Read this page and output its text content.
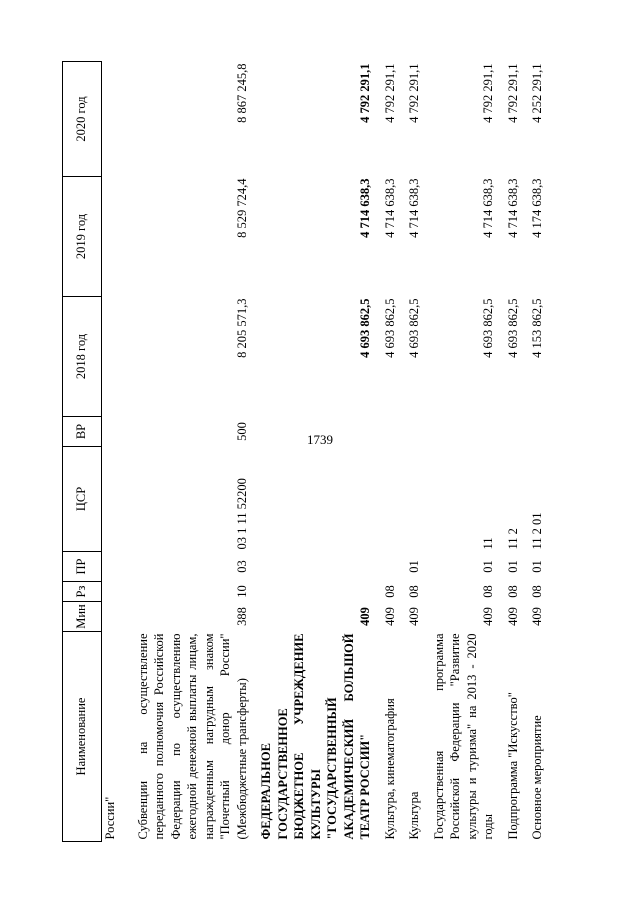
1739
Наименование	Мин	Рз	ПР	ЦСР	ВР	2018 год	2019 год	2020 год
России"								
Субвенции на осуществление переданного полномочия Российской Федерации по осуществлению ежегодной денежной выплаты лицам, награжденным нагрудным знаком "Почетный донор России" (Межбюджетные трансферты)	388	10	03	03 1 11 52200	500	8 205 571,3	8 529 724,4	8 867 245,8
ФЕДЕРАЛЬНОЕ ГОСУДАРСТВЕННОЕ БЮДЖЕТНОЕ УЧРЕЖДЕНИЕ КУЛЬТУРЫ "ГОСУДАРСТВЕННЫЙ АКАДЕМИЧЕСКИЙ БОЛЬШОЙ ТЕАТР РОССИИ"	409					4 693 862,5	4 714 638,3	4 792 291,1
Культура, кинематография	409	08				4 693 862,5	4 714 638,3	4 792 291,1
Культура	409	08	01			4 693 862,5	4 714 638,3	4 792 291,1
Государственная программа Российской Федерации "Развитие культуры и туризма" на 2013 - 2020 годы	409	08	01	11		4 693 862,5	4 714 638,3	4 792 291,1
Подпрограмма "Искусство"	409	08	01	11 2		4 693 862,5	4 714 638,3	4 792 291,1
Основное мероприятие	409	08	01	11 2 01		4 153 862,5	4 174 638,3	4 252 291,1
